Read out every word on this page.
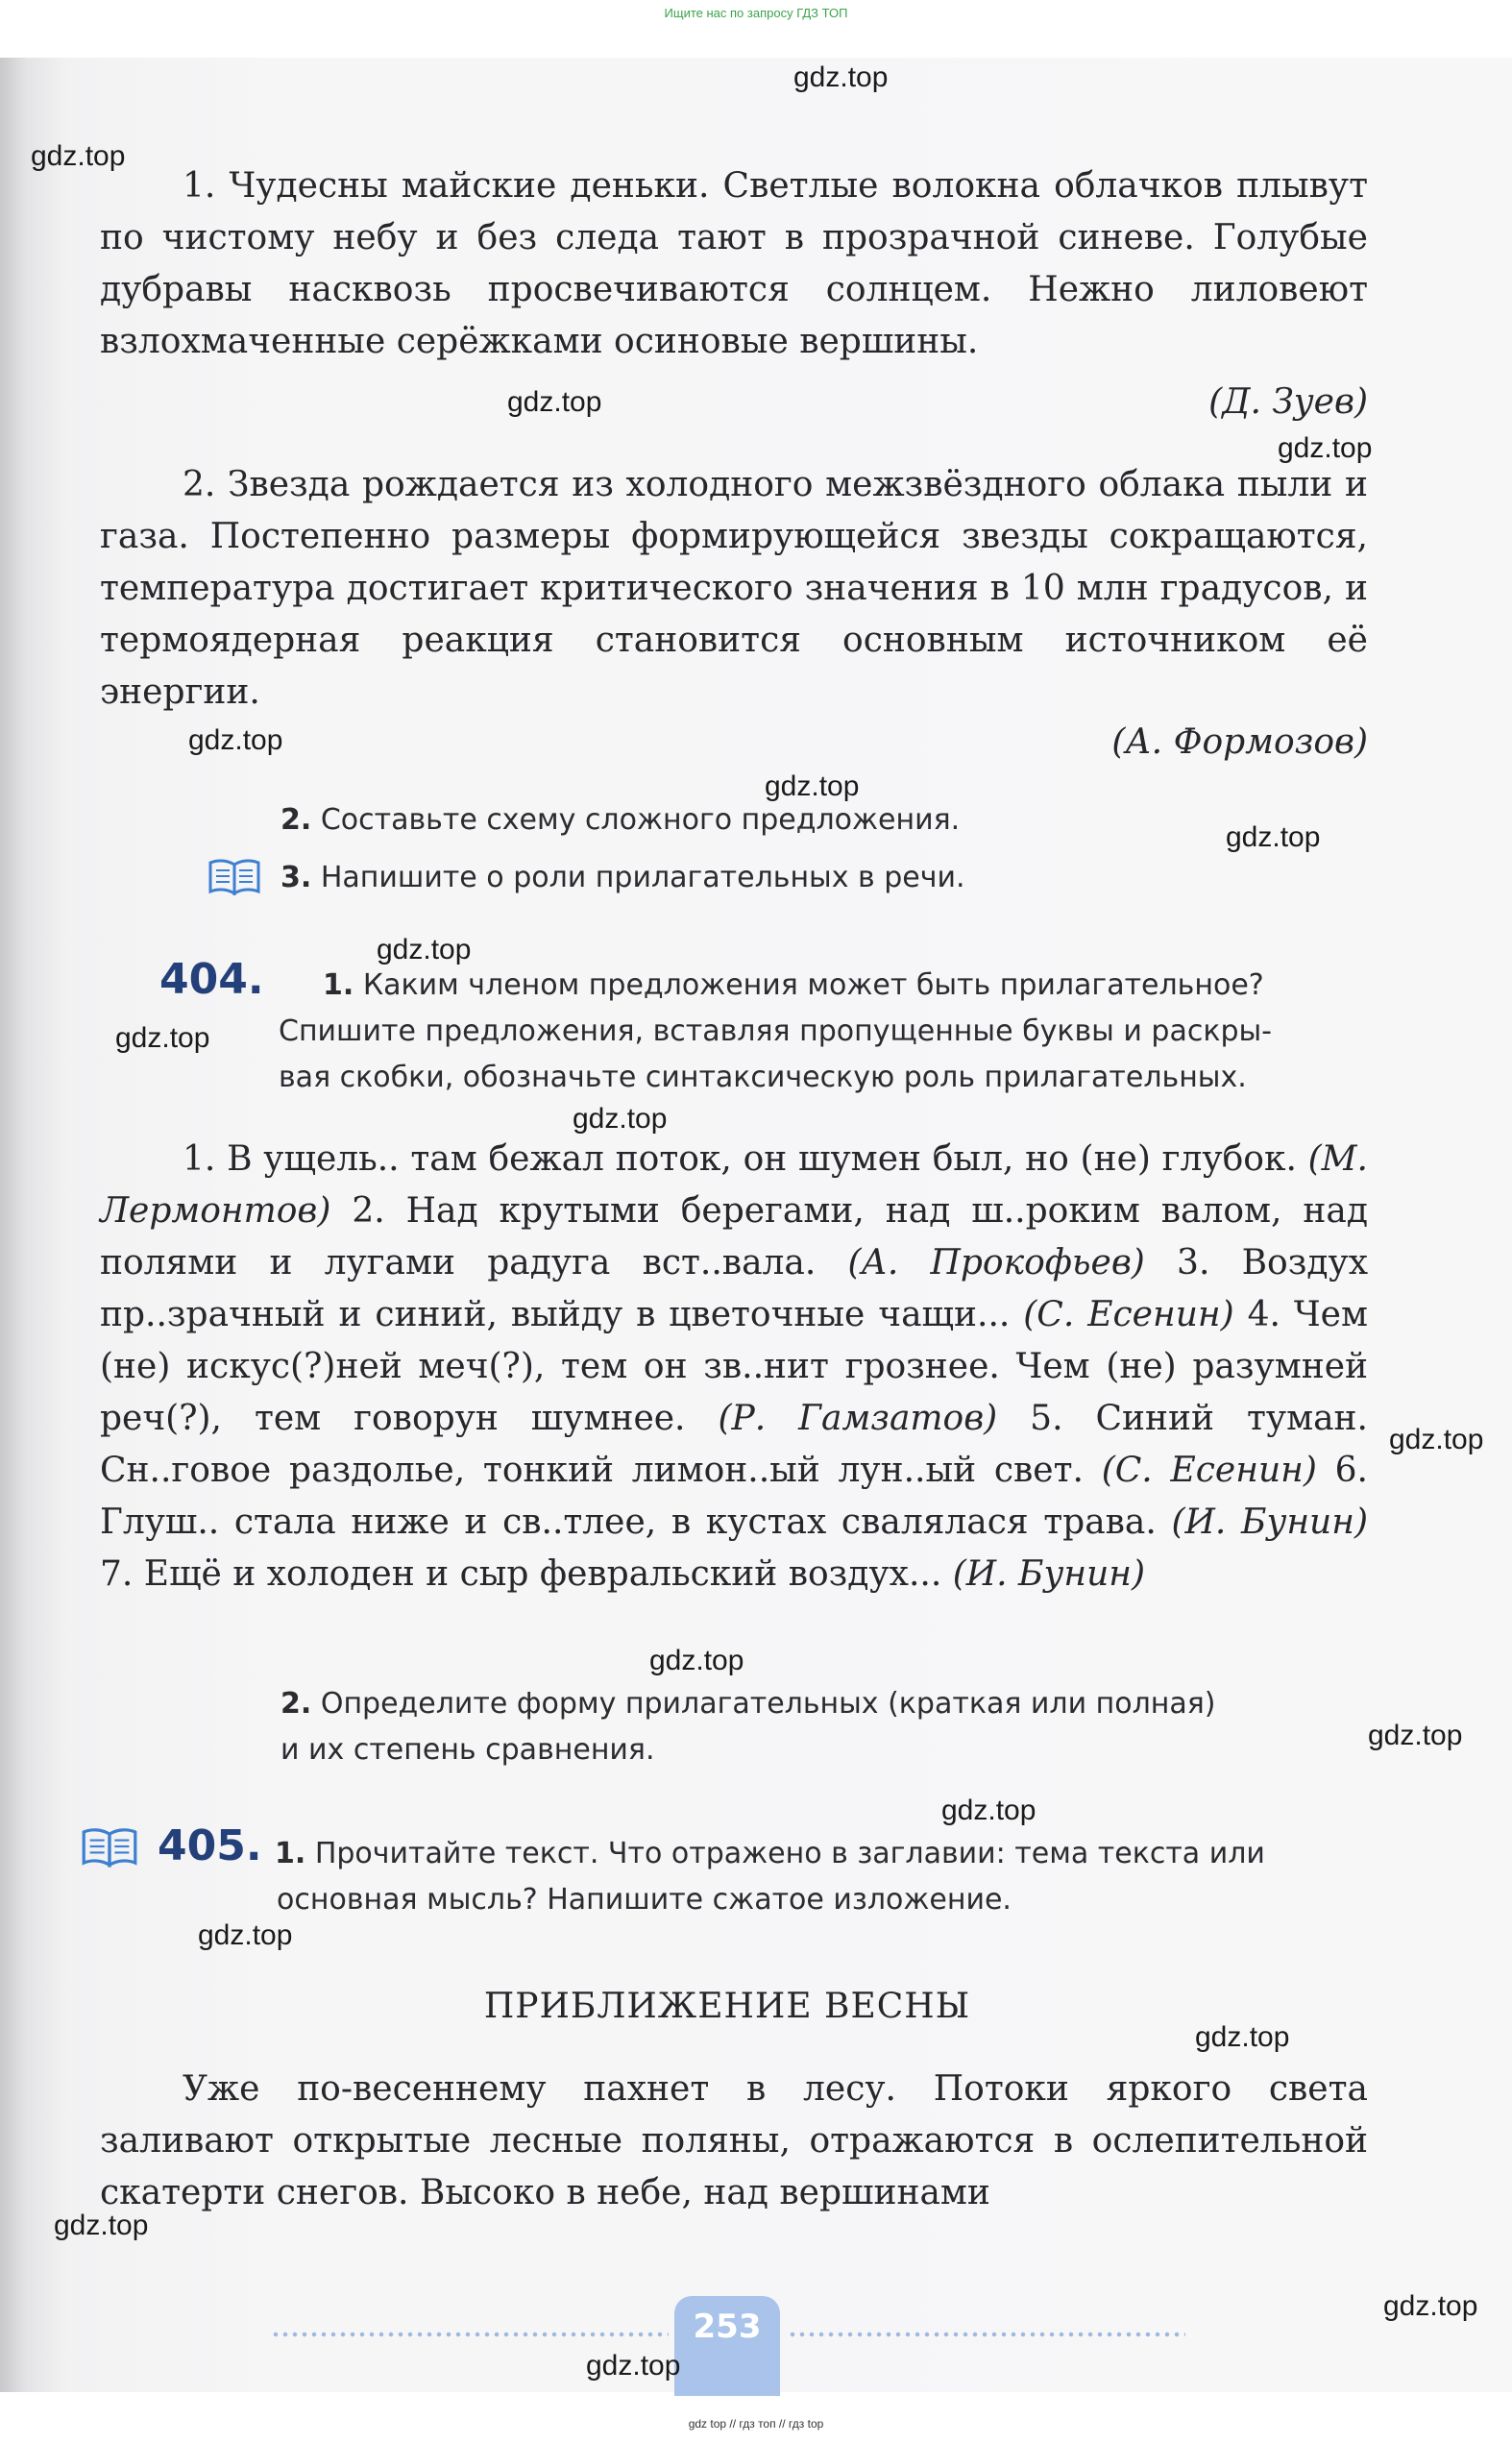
Ищите нас по запросу ГДЗ ТОП

1. Чудесны майские деньки. Светлые волокна облачков плывут по чистому небу и без следа тают в прозрачной синеве. Голубые дубравы насквозь просвечиваются солнцем. Нежно лиловеют взлохмаченные серёжками осиновые вершины.

(Д. Зуев)

2. Звезда рождается из холодного межзвёздного облака пыли и газа. Постепенно размеры формирующейся звезды сокращаются, температура достигает критического значения в 10 млн градусов, и термоядерная реакция становится основным источником её энергии.

(А. Формозов)
2. Составьте схему сложного предложения.
3. Напишите о роли прилагательных в речи.
404. 1. Каким членом предложения может быть прилагательное?
Спишите предложения, вставляя пропущенные буквы и раскры-
вая скобки, обозначьте синтаксическую роль прилагательных.

1. В ущель.. там бежал поток, он шумен был, но (не) глубок. (М. Лермонтов) 2. Над крутыми берегами, над ш..роким валом, над полями и лугами радуга вст..вала. (А. Прокофьев) 3. Воздух пр..зрачный и синий, выйду в цветочные чащи... (С. Есенин) 4. Чем (не) искус(?)ней меч(?), тем он зв..нит грознее. Чем (не) разумней реч(?), тем говорун шумнее. (Р. Гамзатов) 5. Синий туман. Сн..говое раздолье, тонкий лимон..ый лун..ый свет. (С. Есенин) 6. Глуш.. стала ниже и св..тлее, в кустах свалялася трава. (И. Бунин) 7. Ещё и холоден и сыр февральский воздух... (И. Бунин)

2. Определите форму прилагательных (краткая или полная)
и их степень сравнения.
405. 1. Прочитайте текст. Что отражено в заглавии: тема текста или
основная мысль? Напишите сжатое изложение.
ПРИБЛИЖЕНИЕ ВЕСНЫ

Уже по-весеннему пахнет в лесу. Потоки яркого света заливают открытые лесные поляны, отражаются в ослепительной скатерти снегов. Высоко в небе, над вершинами

253
gdz top // гдз топ // гдз top
gdz.top
gdz.top
gdz.top
gdz.top
gdz.top
gdz.top
gdz.top
gdz.top
gdz.top
gdz.top
gdz.top
gdz.top
gdz.top
gdz.top
gdz.top
gdz.top
gdz.top
gdz.top
gdz.top
